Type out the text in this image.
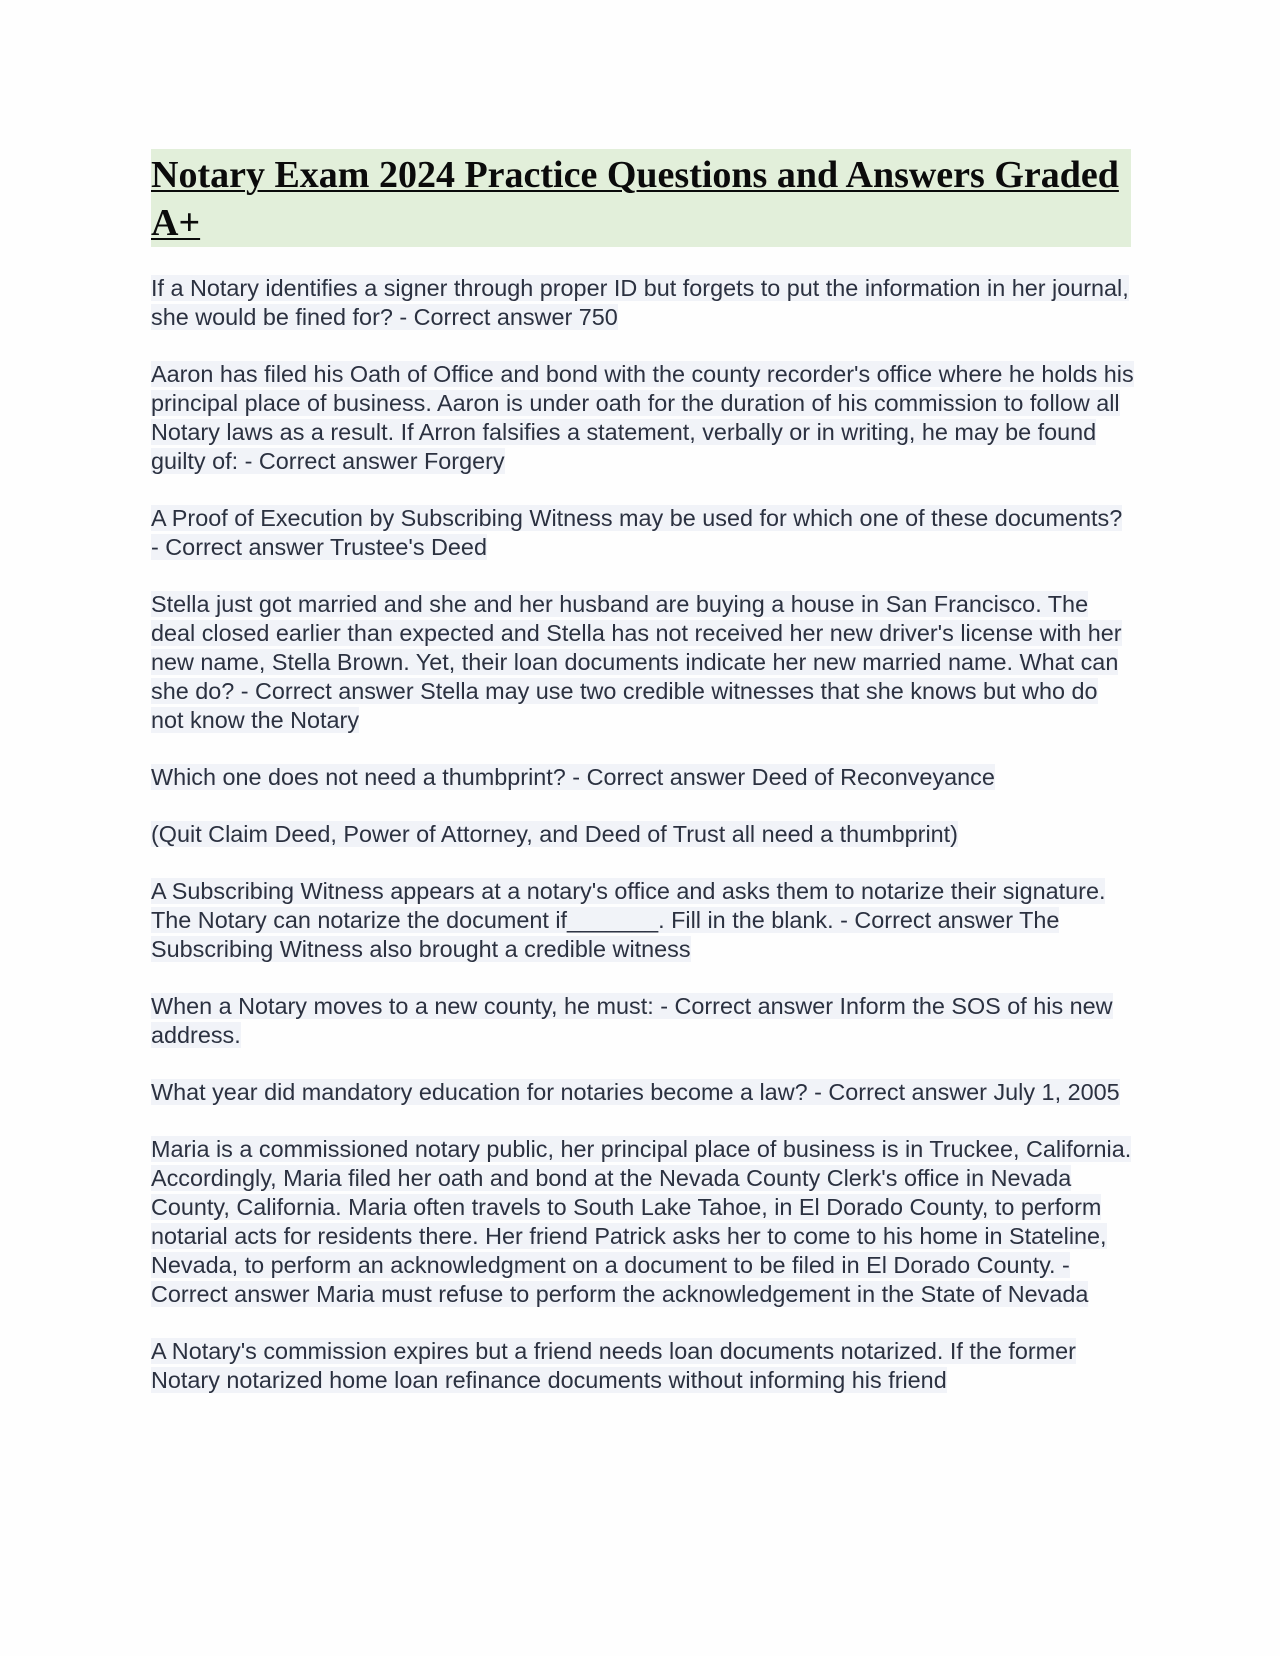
Notary Exam 2024 Practice Questions and Answers Graded A+

If a Notary identifies a signer through proper ID but forgets to put the information in her journal, she would be fined for? - Correct answer 750

Aaron has filed his Oath of Office and bond with the county recorder's office where he holds his principal place of business. Aaron is under oath for the duration of his commission to follow all Notary laws as a result. If Arron falsifies a statement, verbally or in writing, he may be found guilty of: - Correct answer Forgery

A Proof of Execution by Subscribing Witness may be used for which one of these documents? - Correct answer Trustee's Deed

Stella just got married and she and her husband are buying a house in San Francisco. The deal closed earlier than expected and Stella has not received her new driver's license with her new name, Stella Brown. Yet, their loan documents indicate her new married name. What can she do? - Correct answer Stella may use two credible witnesses that she knows but who do not know the Notary

Which one does not need a thumbprint? - Correct answer Deed of Reconveyance

(Quit Claim Deed, Power of Attorney, and Deed of Trust all need a thumbprint)

A Subscribing Witness appears at a notary's office and asks them to notarize their signature. The Notary can notarize the document if_______. Fill in the blank. - Correct answer The Subscribing Witness also brought a credible witness

When a Notary moves to a new county, he must: - Correct answer Inform the SOS of his new address.

What year did mandatory education for notaries become a law? - Correct answer July 1, 2005

Maria is a commissioned notary public, her principal place of business is in Truckee, California. Accordingly, Maria filed her oath and bond at the Nevada County Clerk's office in Nevada County, California. Maria often travels to South Lake Tahoe, in El Dorado County, to perform notarial acts for residents there. Her friend Patrick asks her to come to his home in Stateline, Nevada, to perform an acknowledgment on a document to be filed in El Dorado County. - Correct answer Maria must refuse to perform the acknowledgement in the State of Nevada

A Notary's commission expires but a friend needs loan documents notarized. If the former Notary notarized home loan refinance documents without informing his friend
